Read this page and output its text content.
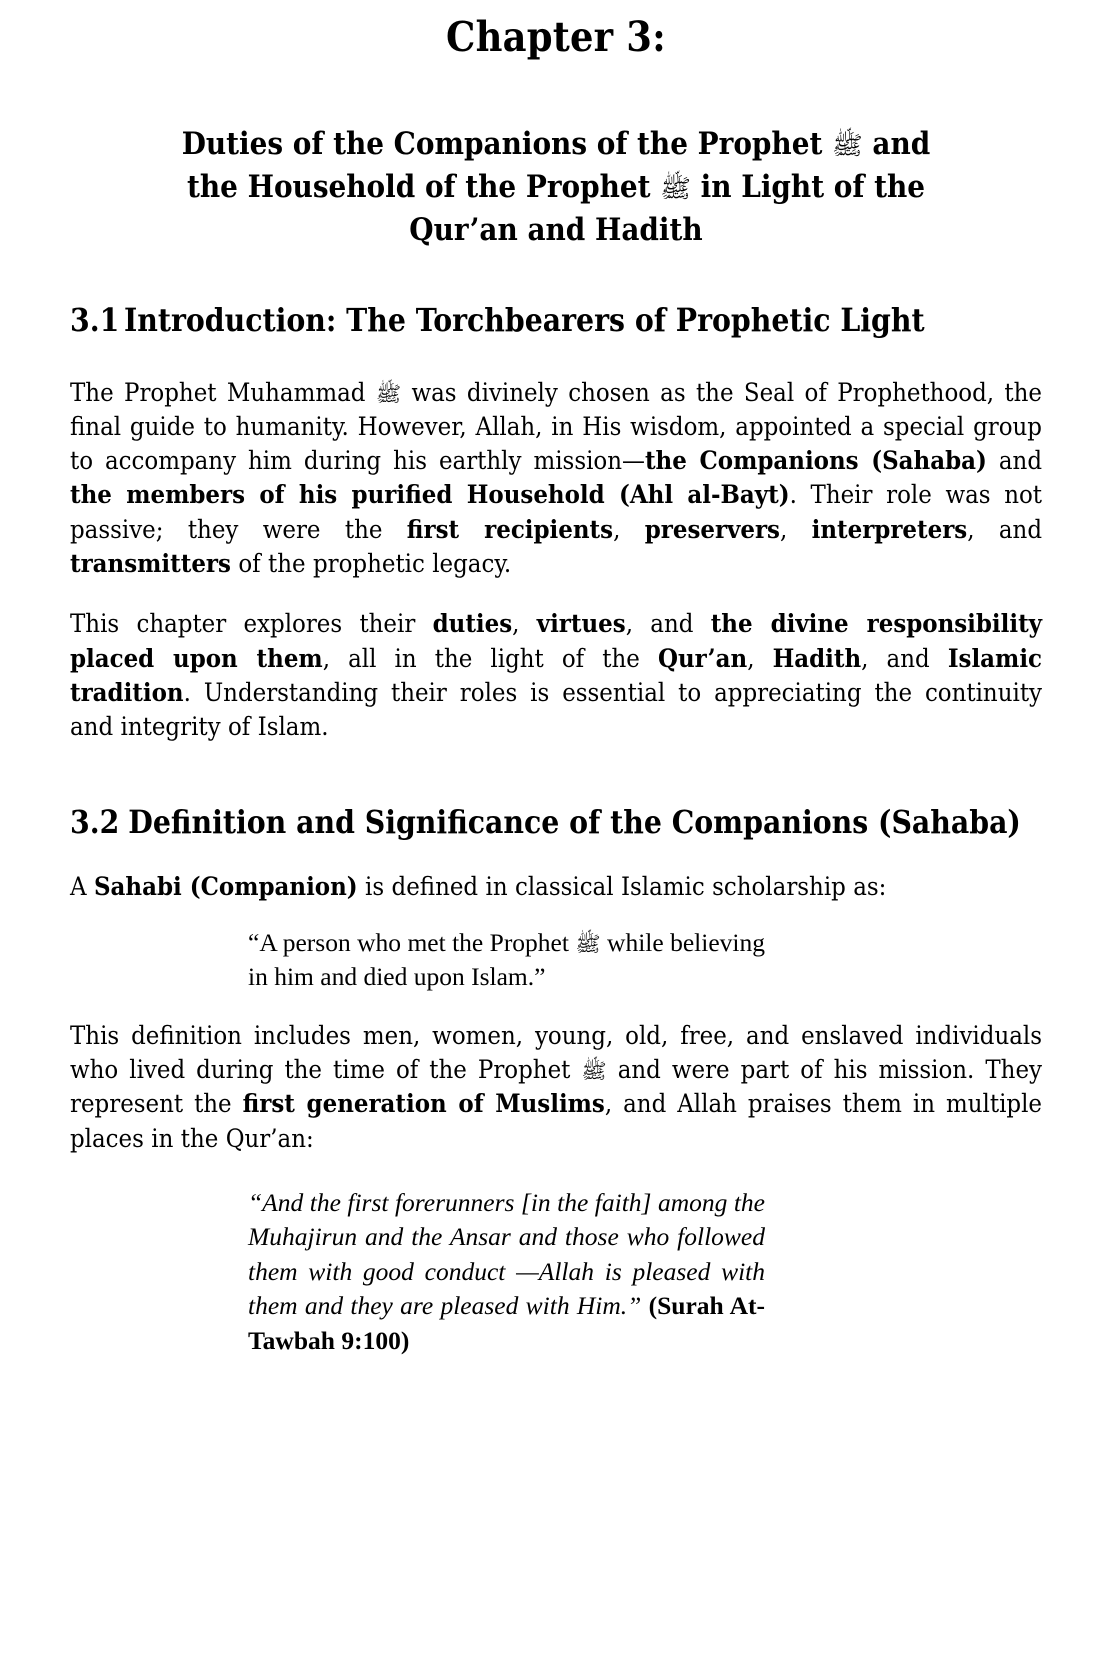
Chapter 3:
Duties of the Companions of the Prophet ﷺ and
the Household of the Prophet ﷺ in Light of the
Qur’an and Hadith
3.1 Introduction: The Torchbearers of Prophetic Light

The Prophet Muhammad ﷺ was divinely chosen as the Seal of Prophethood, the final guide to humanity. However, Allah, in His wisdom, appointed a special group to accompany him during his earthly mission—the Companions (Sahaba) and the members of his purified Household (Ahl al-Bayt). Their role was not passive; they were the first recipients, preservers, interpreters, and transmitters of the prophetic legacy.

This chapter explores their duties, virtues, and the divine responsibility placed upon them, all in the light of the Qur’an, Hadith, and Islamic tradition. Understanding their roles is essential to appreciating the continuity and integrity of Islam.

3.2 Definition and Significance of the Companions (Sahaba)

A Sahabi (Companion) is defined in classical Islamic scholarship as:

“A person who met the Prophet ﷺ while believing in him and died upon Islam.”

This definition includes men, women, young, old, free, and enslaved individuals who lived during the time of the Prophet ﷺ and were part of his mission. They represent the first generation of Muslims, and Allah praises them in multiple places in the Qur’an:

“And the first forerunners [in the faith] among the Muhajirun and the Ansar and those who followed them with good conduct —Allah is pleased with them and they are pleased with Him.” (Surah At-Tawbah 9:100)
